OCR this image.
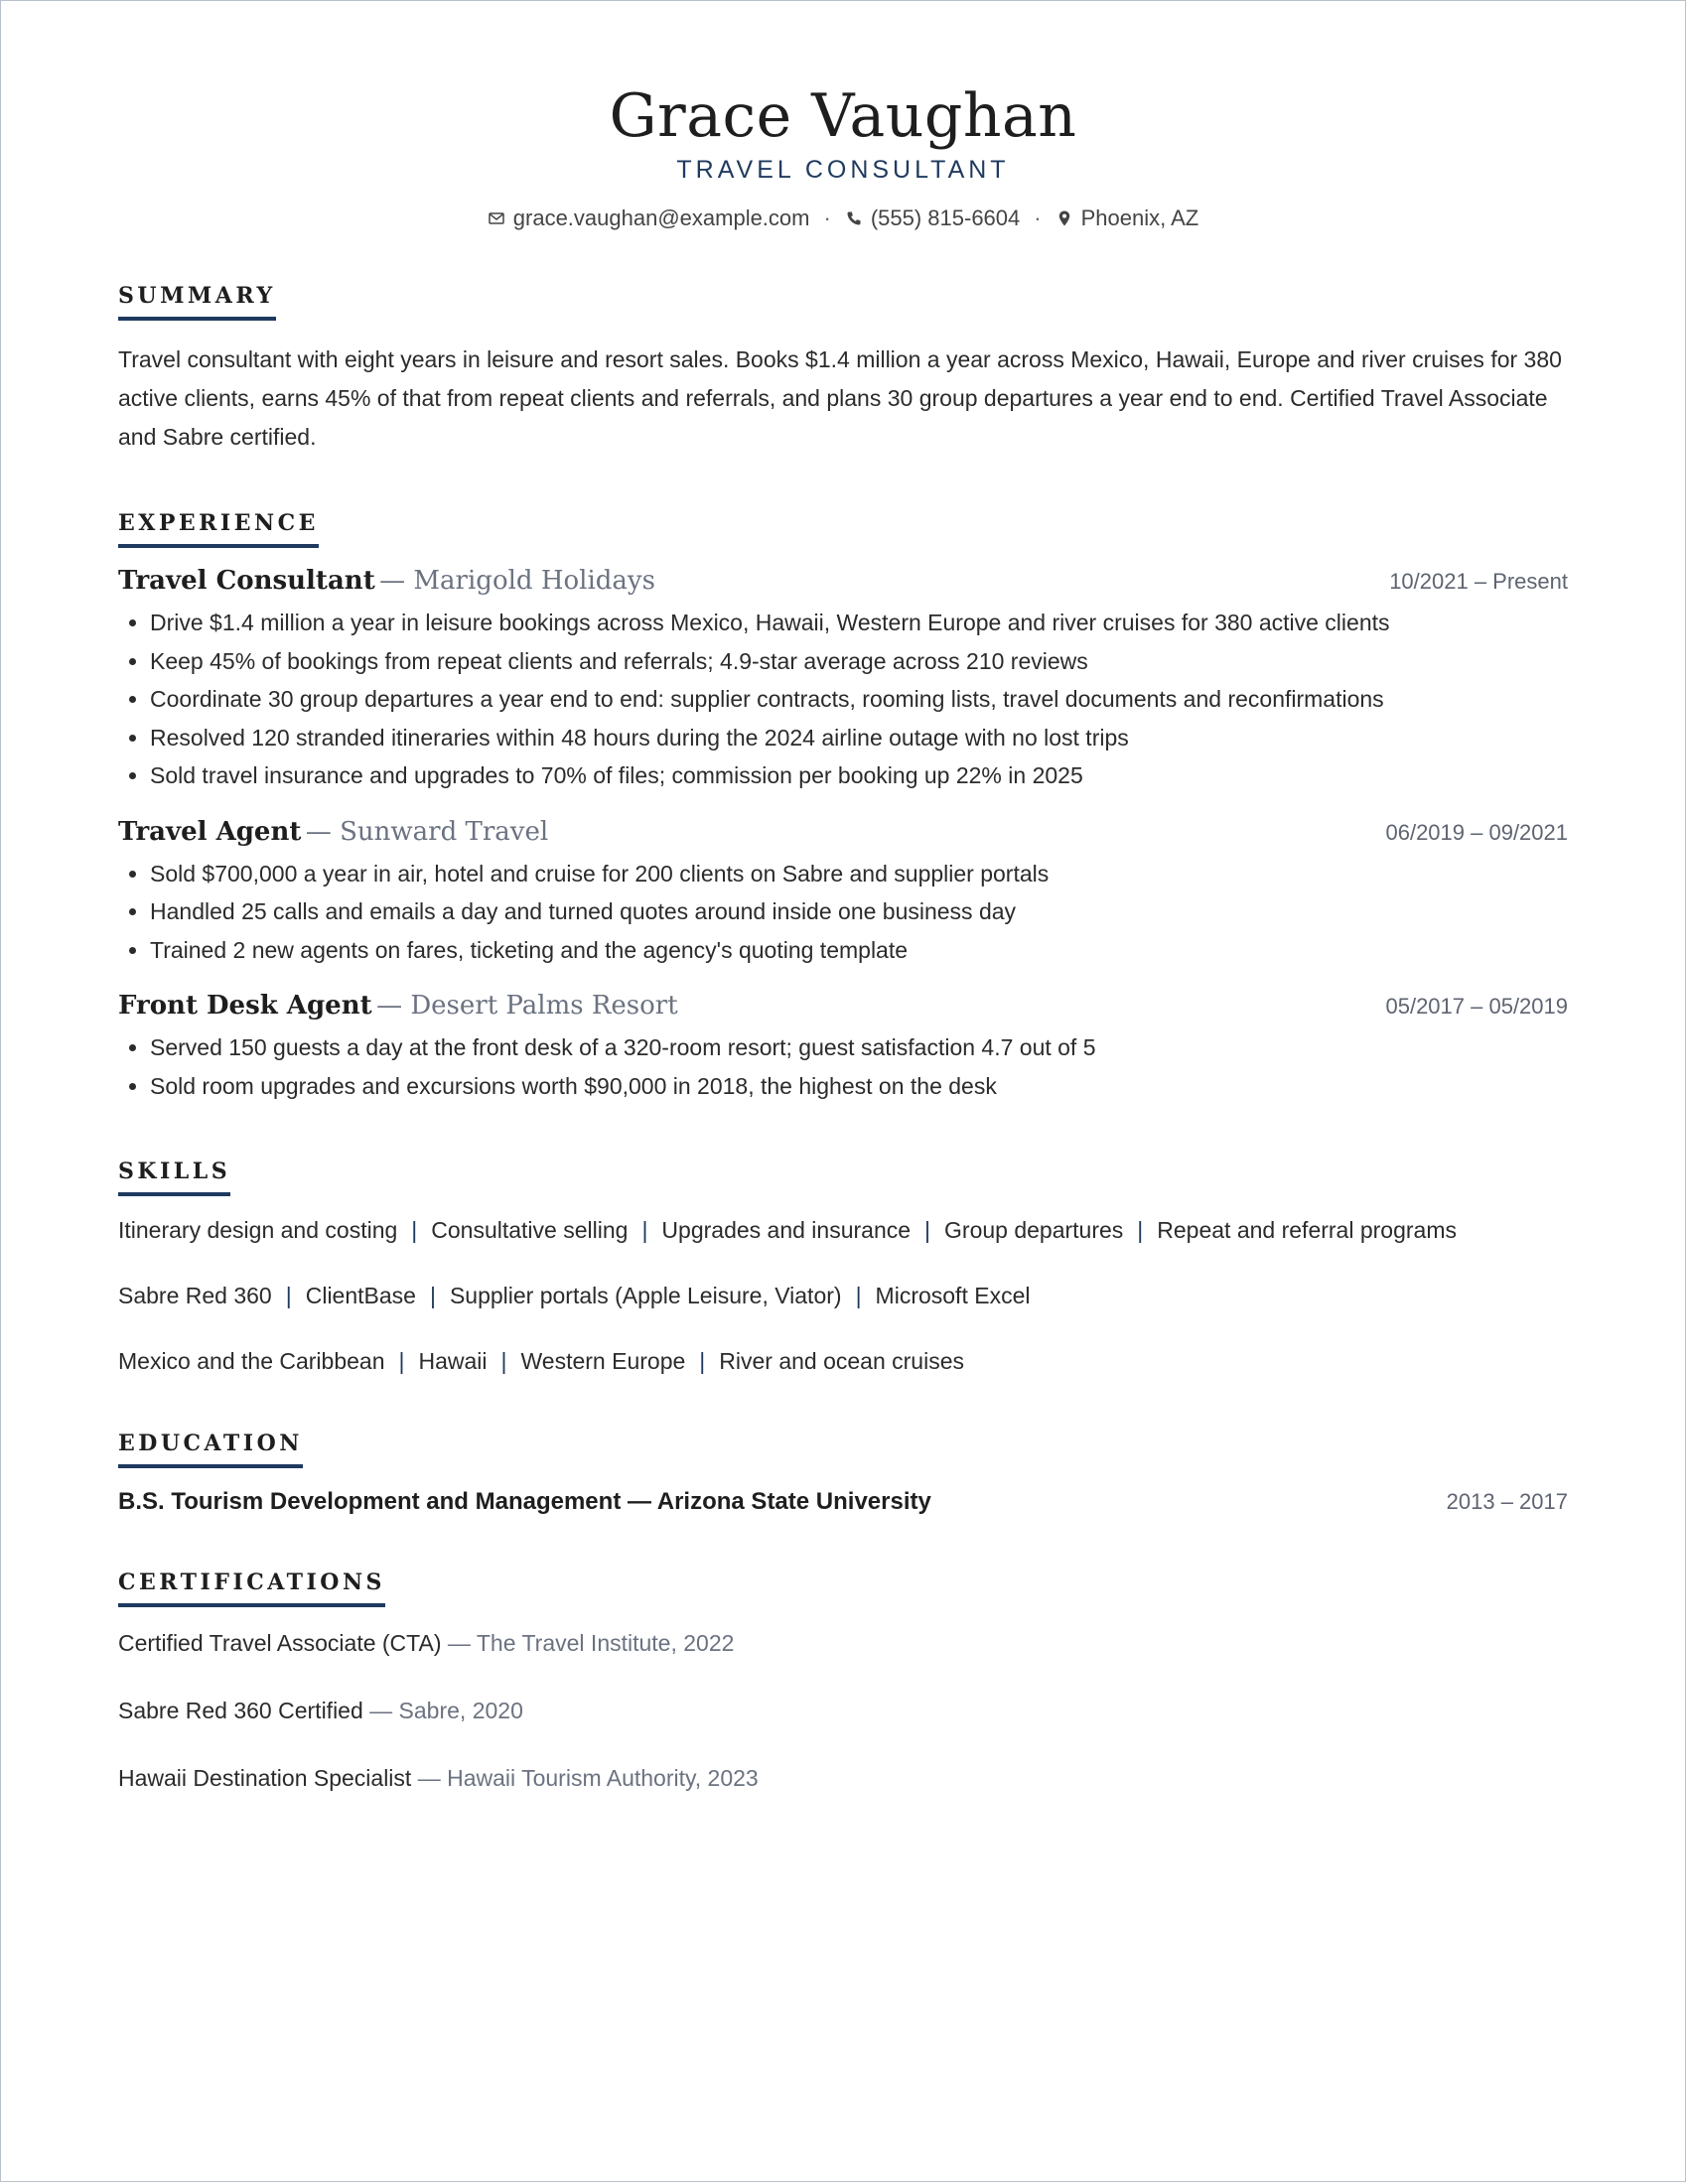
Grace Vaughan
TRAVEL CONSULTANT
grace.vaughan@example.com · (555) 815-6604 · Phoenix, AZ
SUMMARY
Travel consultant with eight years in leisure and resort sales. Books $1.4 million a year across Mexico, Hawaii, Europe and river cruises for 380 active clients, earns 45% of that from repeat clients and referrals, and plans 30 group departures a year end to end. Certified Travel Associate and Sabre certified.
EXPERIENCE
Travel Consultant — Marigold Holidays	10/2021 – Present
• Drive $1.4 million a year in leisure bookings across Mexico, Hawaii, Western Europe and river cruises for 380 active clients
• Keep 45% of bookings from repeat clients and referrals; 4.9-star average across 210 reviews
• Coordinate 30 group departures a year end to end: supplier contracts, rooming lists, travel documents and reconfirmations
• Resolved 120 stranded itineraries within 48 hours during the 2024 airline outage with no lost trips
• Sold travel insurance and upgrades to 70% of files; commission per booking up 22% in 2025
Travel Agent — Sunward Travel	06/2019 – 09/2021
• Sold $700,000 a year in air, hotel and cruise for 200 clients on Sabre and supplier portals
• Handled 25 calls and emails a day and turned quotes around inside one business day
• Trained 2 new agents on fares, ticketing and the agency's quoting template
Front Desk Agent — Desert Palms Resort	05/2017 – 05/2019
• Served 150 guests a day at the front desk of a 320-room resort; guest satisfaction 4.7 out of 5
• Sold room upgrades and excursions worth $90,000 in 2018, the highest on the desk
SKILLS
Itinerary design and costing | Consultative selling | Upgrades and insurance | Group departures | Repeat and referral programs
Sabre Red 360 | ClientBase | Supplier portals (Apple Leisure, Viator) | Microsoft Excel
Mexico and the Caribbean | Hawaii | Western Europe | River and ocean cruises
EDUCATION
B.S. Tourism Development and Management — Arizona State University	2013 – 2017
CERTIFICATIONS
Certified Travel Associate (CTA) — The Travel Institute, 2022
Sabre Red 360 Certified — Sabre, 2020
Hawaii Destination Specialist — Hawaii Tourism Authority, 2023
